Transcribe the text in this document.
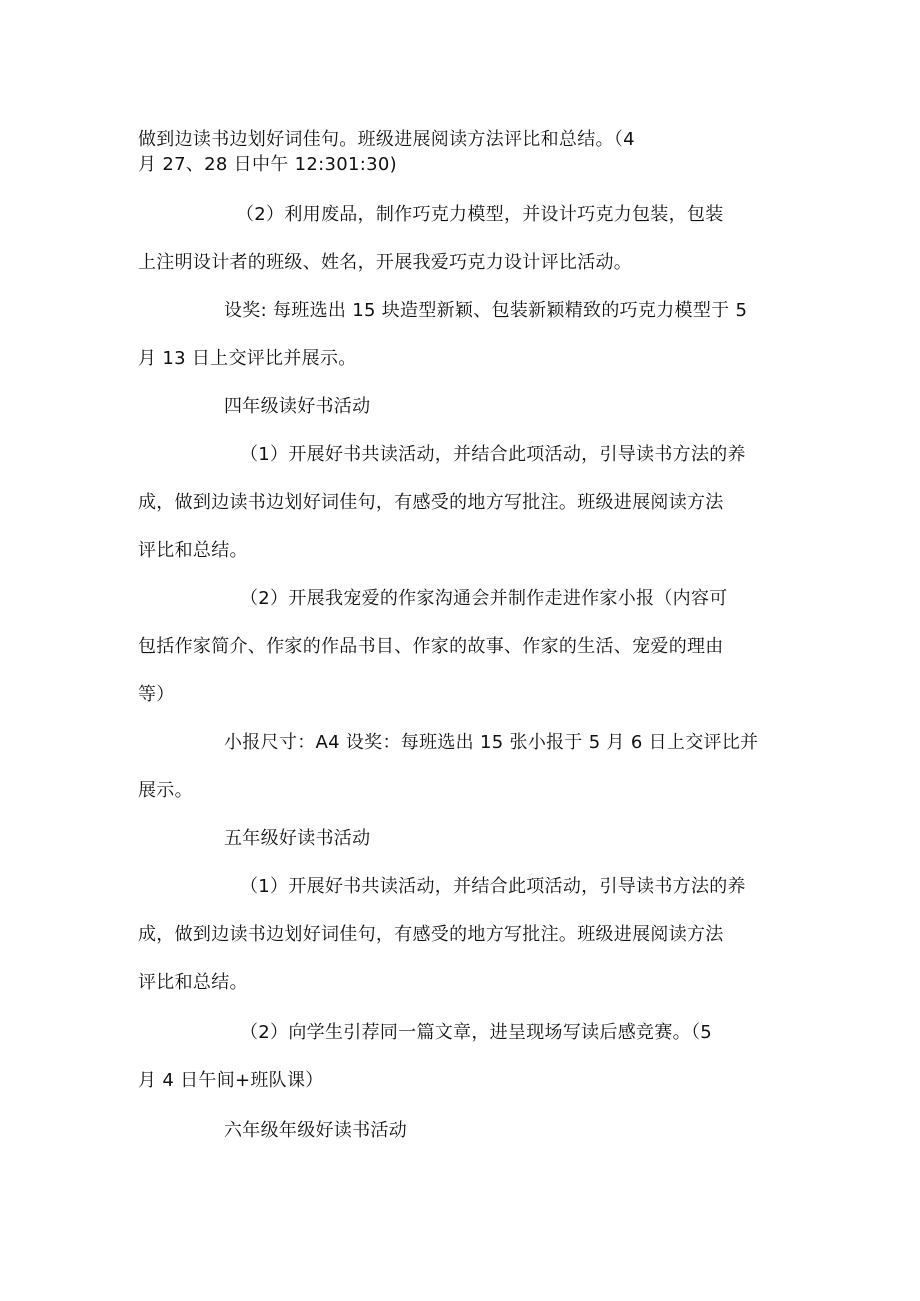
做到边读书边划好词佳句。班级进展阅读方法评比和总结。（4
月 27、28 日中午 12:301:30)
（2）利用废品，制作巧克力模型，并设计巧克力包装，包装
上注明设计者的班级、姓名，开展我爱巧克力设计评比活动。
设奖: 每班选出 15 块造型新颖、包装新颖精致的巧克力模型于 5
月 13 日上交评比并展示。
四年级读好书活动
（1）开展好书共读活动，并结合此项活动，引导读书方法的养
成，做到边读书边划好词佳句，有感受的地方写批注。班级进展阅读方法
评比和总结。
（2）开展我宠爱的作家沟通会并制作走进作家小报（内容可
包括作家简介、作家的作品书目、作家的故事、作家的生活、宠爱的理由
等）
小报尺寸：A4 设奖：每班选出 15 张小报于 5 月 6 日上交评比并
展示。
五年级好读书活动
（1）开展好书共读活动，并结合此项活动，引导读书方法的养
成，做到边读书边划好词佳句，有感受的地方写批注。班级进展阅读方法
评比和总结。
（2）向学生引荐同一篇文章，进呈现场写读后感竞赛。（5
月 4 日午间+班队课）
六年级年级好读书活动
